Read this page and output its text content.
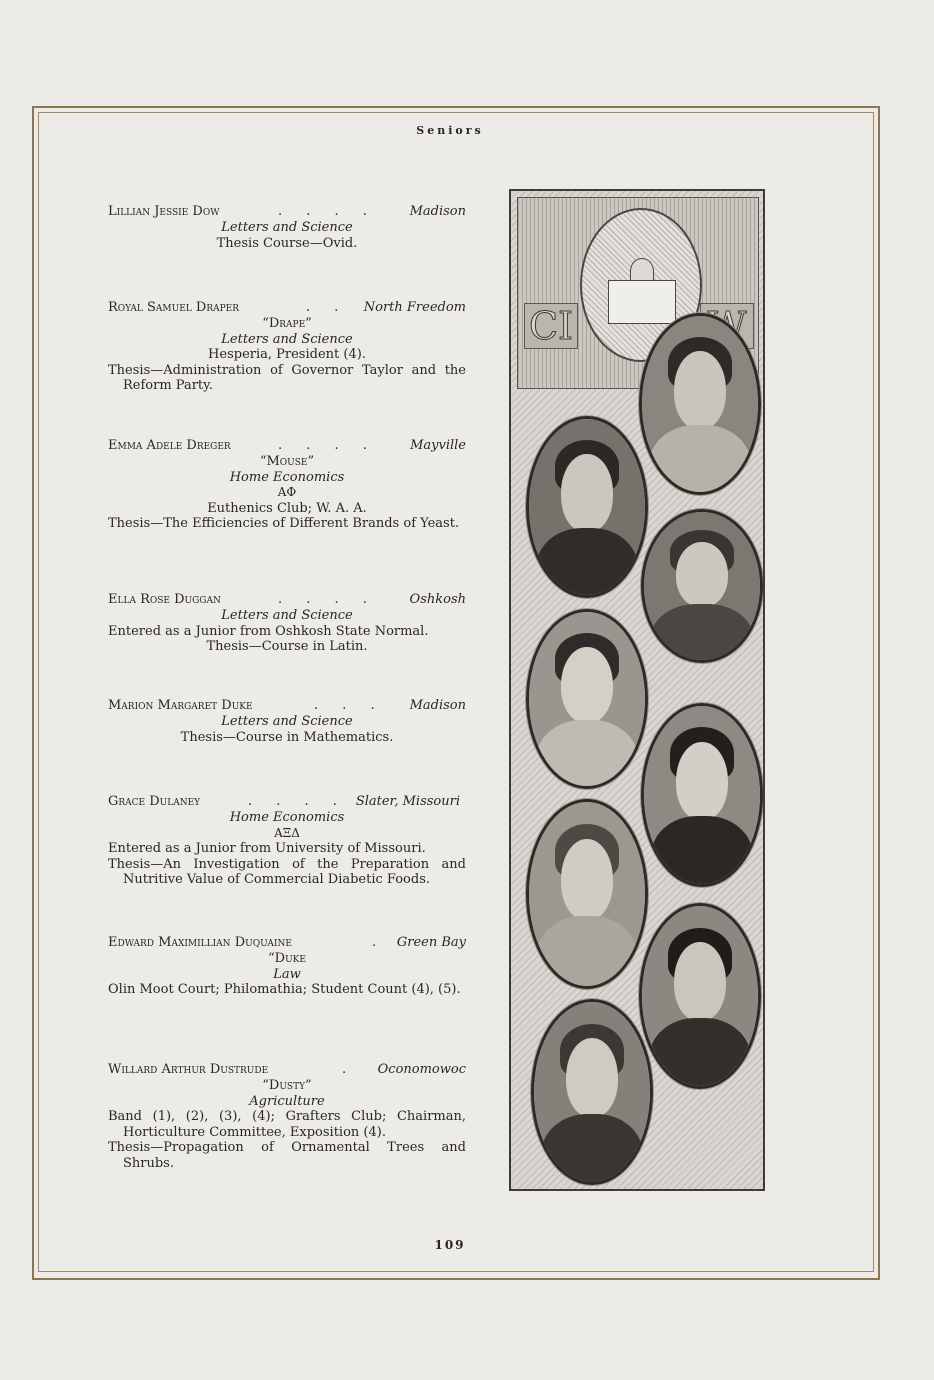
Seniors
Lillian Jessie Dow	. . . .	Madison
Letters and Science
Thesis Course—Ovid.
Royal Samuel Draper	. . North Freedom
“Drape”
Letters and Science
Hesperia, President (4).
Thesis—Administration of Governor Taylor and the Reform Party.
Emma Adele Dreger	. . . .	Mayville
“Mouse”
Home Economics
AΦ
Euthenics Club; W. A. A.
Thesis—The Efficiencies of Different Brands of Yeast.
Ella Rose Duggan	. . . .	Oshkosh
Letters and Science
Entered as a Junior from Oshkosh State Normal.
Thesis—Course in Latin.
Marion Margaret Duke	. . . Madison
Letters and Science
Thesis—Course in Mathematics.
Grace Dulaney	. . . . Slater, Missouri
Home Economics
AΞΔ
Entered as a Junior from University of Missouri.
Thesis—An Investigation of the Preparation and Nutritive Value of Commercial Diabetic Foods.
Edward Maximillian Duquaine	. Green Bay
“Duke
Law
Olin Moot Court; Philomathia; Student Count (4), (5).
Willard Arthur Dustrude	. Oconomowoc
“Dusty”
Agriculture
Band (1), (2), (3), (4); Grafters Club; Chairman, Horticulture Committee, Exposition (4).
Thesis—Propagation of Ornamental Trees and Shrubs.
CI
109
